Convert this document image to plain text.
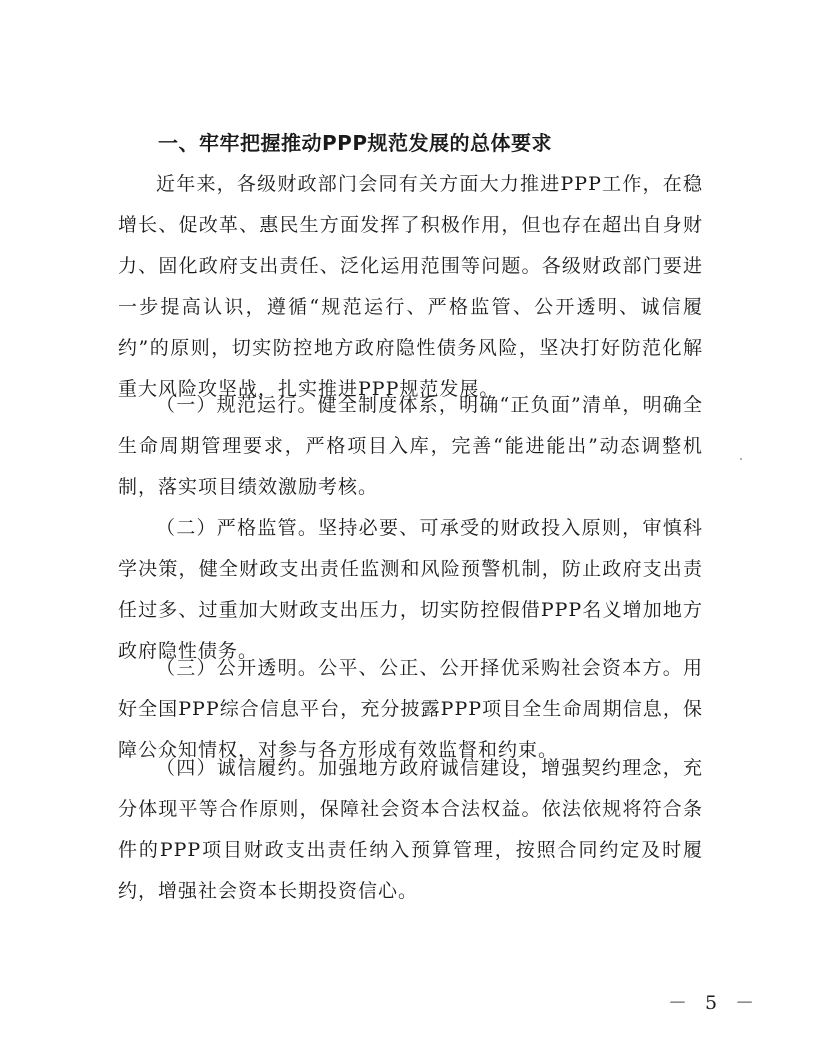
一、牢牢把握推动PPP规范发展的总体要求

近年来，各级财政部门会同有关方面大力推进PPP工作，在稳增长、促改革、惠民生方面发挥了积极作用，但也存在超出自身财力、固化政府支出责任、泛化运用范围等问题。各级财政部门要进一步提高认识，遵循“规范运行、严格监管、公开透明、诚信履约”的原则，切实防控地方政府隐性债务风险，坚决打好防范化解重大风险攻坚战，扎实推进PPP规范发展。

（一）规范运行。健全制度体系，明确“正负面”清单，明确全生命周期管理要求，严格项目入库，完善“能进能出”动态调整机制，落实项目绩效激励考核。

（二）严格监管。坚持必要、可承受的财政投入原则，审慎科学决策，健全财政支出责任监测和风险预警机制，防止政府支出责任过多、过重加大财政支出压力，切实防控假借PPP名义增加地方政府隐性债务。

（三）公开透明。公平、公正、公开择优采购社会资本方。用好全国PPP综合信息平台，充分披露PPP项目全生命周期信息，保障公众知情权，对参与各方形成有效监督和约束。

（四）诚信履约。加强地方政府诚信建设，增强契约理念，充分体现平等合作原则，保障社会资本合法权益。依法依规将符合条件的PPP项目财政支出责任纳入预算管理，按照合同约定及时履约，增强社会资本长期投资信心。

－ 5 －
